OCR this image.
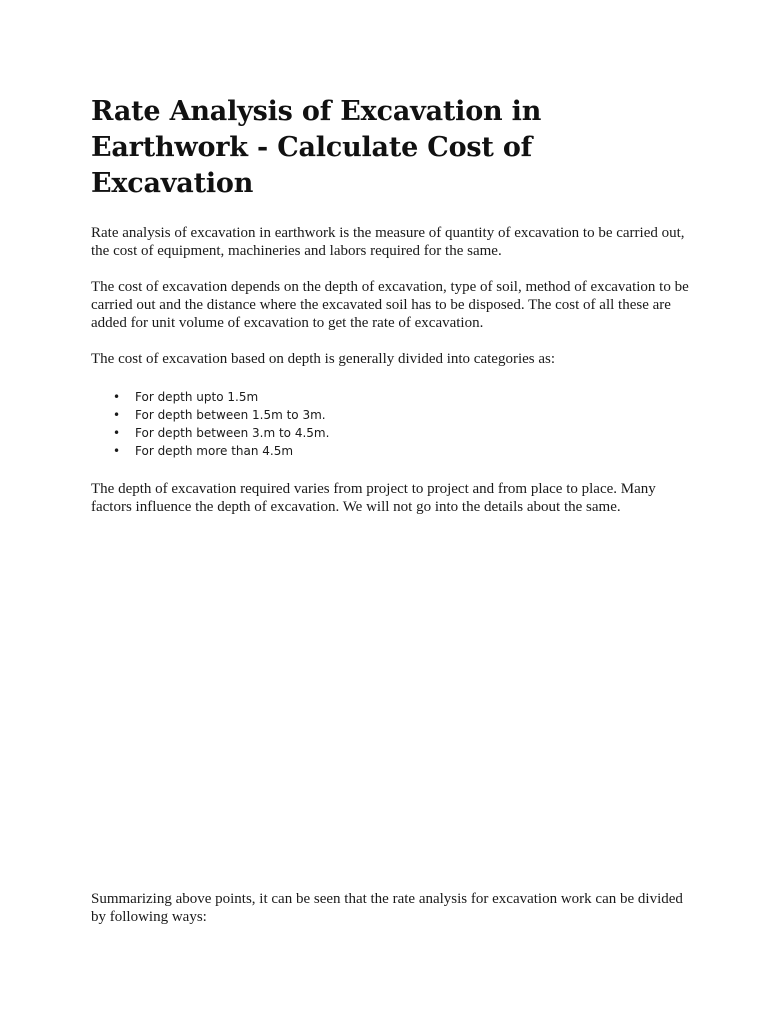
Rate Analysis of Excavation in Earthwork - Calculate Cost of Excavation

Rate analysis of excavation in earthwork is the measure of quantity of excavation to be carried out, the cost of equipment, machineries and labors required for the same.

The cost of excavation depends on the depth of excavation, type of soil, method of excavation to be carried out and the distance where the excavated soil has to be disposed. The cost of all these are added for unit volume of excavation to get the rate of excavation.

The cost of excavation based on depth is generally divided into categories as:

• For depth upto 1.5m
• For depth between 1.5m to 3m.
• For depth between 3.m to 4.5m.
• For depth more than 4.5m

The depth of excavation required varies from project to project and from place to place. Many factors influence the depth of excavation. We will not go into the details about the same.

Summarizing above points, it can be seen that the rate analysis for excavation work can be divided by following ways:
